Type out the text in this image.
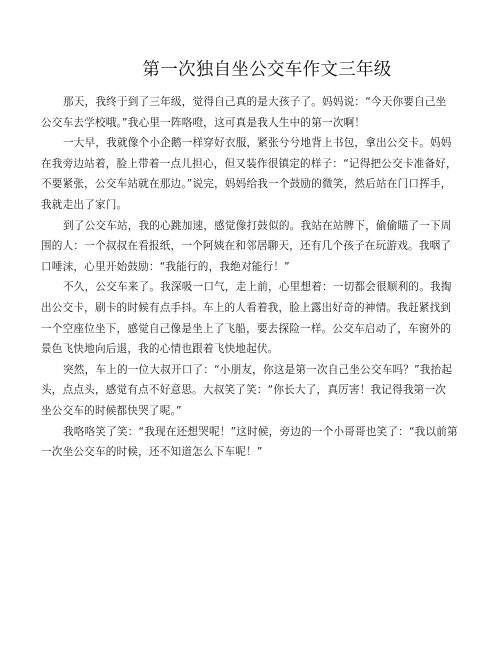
第一次独自坐公交车作文三年级

那天，我终于到了三年级，觉得自己真的是大孩子了。妈妈说：“今天你要自己坐
公交车去学校哦。”我心里一阵咯噔，这可真是我人生中的第一次啊！

一大早，我就像个小企鹅一样穿好衣服，紧张兮兮地背上书包，拿出公交卡。妈妈
在我旁边站着，脸上带着一点儿担心，但又装作很镇定的样子：“记得把公交卡准备好，
不要紧张，公交车站就在那边。”说完，妈妈给我一个鼓励的微笑，然后站在门口挥手，
我就走出了家门。

到了公交车站，我的心跳加速，感觉像打鼓似的。我站在站牌下，偷偷瞄了一下周
围的人：一个叔叔在看报纸，一个阿姨在和邻居聊天，还有几个孩子在玩游戏。我咽了
口唾沫，心里开始鼓励：“我能行的，我绝对能行！”

不久，公交车来了。我深吸一口气，走上前，心里想着：一切都会很顺利的。我掏
出公交卡，刷卡的时候有点手抖。车上的人看着我，脸上露出好奇的神情。我赶紧找到
一个空座位坐下，感觉自己像是坐上了飞船，要去探险一样。公交车启动了，车窗外的
景色飞快地向后退，我的心情也跟着飞快地起伏。

突然，车上的一位大叔开口了：“小朋友，你这是第一次自己坐公交车吗？”我抬起
头，点点头，感觉有点不好意思。大叔笑了笑：“你长大了，真厉害！我记得我第一次
坐公交车的时候都快哭了呢。”

我咯咯笑了笑：“我现在还想哭呢！”这时候，旁边的一个小哥哥也笑了：“我以前第
一次坐公交车的时候，还不知道怎么下车呢！”
